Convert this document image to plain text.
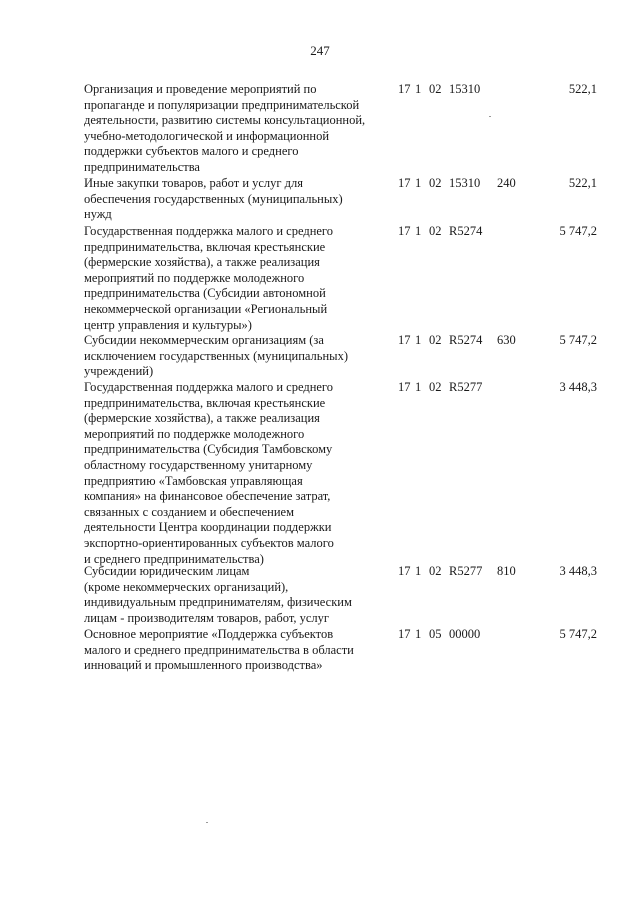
247
Организация и проведение мероприятий по
пропаганде и популяризации предпринимательской
деятельности, развитию системы консультационной,
учебно-методологической и информационной
поддержки субъектов малого и среднего
предпринимательства
17 1 02 15310	522,1
Иные закупки товаров, работ и услуг для
обеспечения государственных (муниципальных)
нужд
17 1 02 15310 240	522,1
Государственная поддержка малого и среднего
предпринимательства, включая крестьянские
(фермерские хозяйства), а также реализация
мероприятий по поддержке молодежного
предпринимательства (Субсидии автономной
некоммерческой организации «Региональный
центр управления и культуры»)
17 1 02 R5274	5 747,2
Субсидии некоммерческим организациям (за
исключением государственных (муниципальных)
учреждений)
17 1 02 R5274 630	5 747,2
Государственная поддержка малого и среднего
предпринимательства, включая крестьянские
(фермерские хозяйства), а также реализация
мероприятий по поддержке молодежного
предпринимательства (Субсидия Тамбовскому
областному государственному унитарному
предприятию «Тамбовская управляющая
компания» на финансовое обеспечение затрат,
связанных с созданием и обеспечением
деятельности Центра координации поддержки
экспортно-ориентированных субъектов малого
и среднего предпринимательства)
17 1 02 R5277	3 448,3
Субсидии юридическим лицам
(кроме некоммерческих организаций),
индивидуальным предпринимателям, физическим
лицам - производителям товаров, работ, услуг
17 1 02 R5277 810	3 448,3
Основное мероприятие «Поддержка субъектов
малого и среднего предпринимательства в области
инноваций и промышленного производства»
17 1 05 00000	5 747,2
